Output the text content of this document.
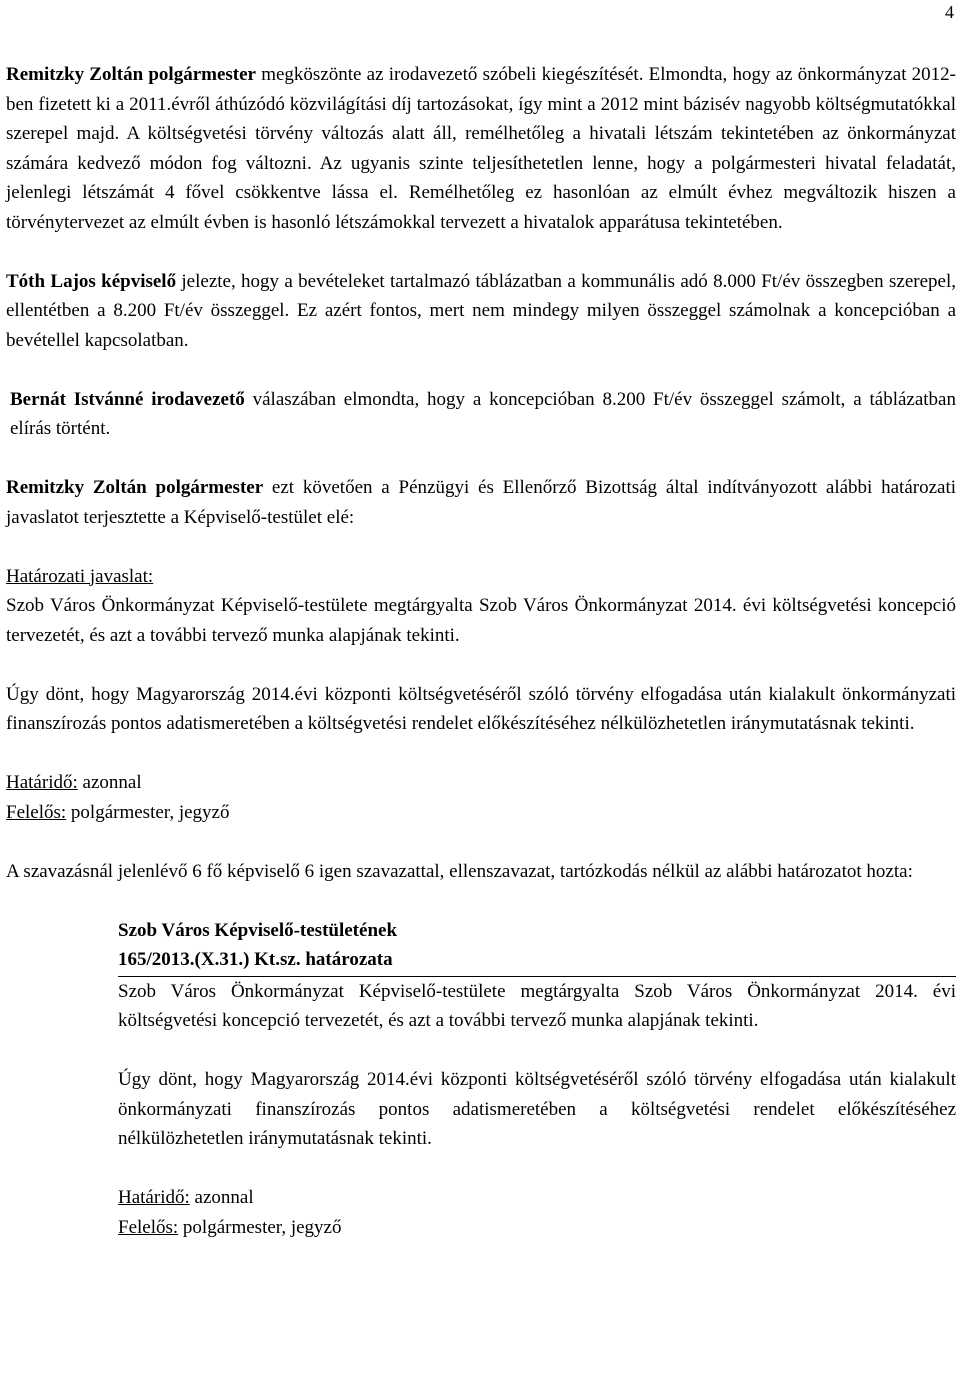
4

Remitzky Zoltán polgármester megköszönte az irodavezető szóbeli kiegészítését. Elmondta, hogy az önkormányzat 2012-ben fizetett ki a 2011.évről áthúzódó közvilágítási díj tartozásokat, így mint a 2012 mint bázisév nagyobb költségmutatókkal szerepel majd. A költségvetési törvény változás alatt áll, remélhetőleg a hivatali létszám tekintetében az önkormányzat számára kedvező módon fog változni. Az ugyanis szinte teljesíthetetlen lenne, hogy a polgármesteri hivatal feladatát, jelenlegi létszámát 4 fővel csökkentve lássa el. Remélhetőleg ez hasonlóan az elmúlt évhez megváltozik hiszen a törvénytervezet az elmúlt évben is hasonló létszámokkal tervezett a hivatalok apparátusa tekintetében.

Tóth Lajos képviselő jelezte, hogy a bevételeket tartalmazó táblázatban a kommunális adó 8.000 Ft/év összegben szerepel, ellentétben a 8.200 Ft/év összeggel. Ez azért fontos, mert nem mindegy milyen összeggel számolnak a koncepcióban a bevétellel kapcsolatban.

Bernát Istvánné irodavezető válaszában elmondta, hogy a koncepcióban 8.200 Ft/év összeggel számolt, a táblázatban elírás történt.

Remitzky Zoltán polgármester ezt követően a Pénzügyi és Ellenőrző Bizottság által indítványozott alábbi határozati javaslatot terjesztette a Képviselő-testület elé:

Határozati javaslat:

Szob Város Önkormányzat Képviselő-testülete megtárgyalta Szob Város Önkormányzat 2014. évi költségvetési koncepció tervezetét, és azt a további tervező munka alapjának tekinti.

Úgy dönt, hogy Magyarország 2014.évi központi költségvetéséről szóló törvény elfogadása után kialakult önkormányzati finanszírozás pontos adatismeretében a költségvetési rendelet előkészítéséhez nélkülözhetetlen iránymutatásnak tekinti.

Határidő: azonnal

Felelős: polgármester, jegyző

A szavazásnál jelenlévő 6 fő képviselő 6 igen szavazattal, ellenszavazat, tartózkodás nélkül az alábbi határozatot hozta:

Szob Város Képviselő-testületének

165/2013.(X.31.) Kt.sz. határozata

Szob Város Önkormányzat Képviselő-testülete megtárgyalta Szob Város Önkormányzat 2014. évi költségvetési koncepció tervezetét, és azt a további tervező munka alapjának tekinti.

Úgy dönt, hogy Magyarország 2014.évi központi költségvetéséről szóló törvény elfogadása után kialakult önkormányzati finanszírozás pontos adatismeretében a költségvetési rendelet előkészítéséhez nélkülözhetetlen iránymutatásnak tekinti.

Határidő: azonnal

Felelős: polgármester, jegyző
